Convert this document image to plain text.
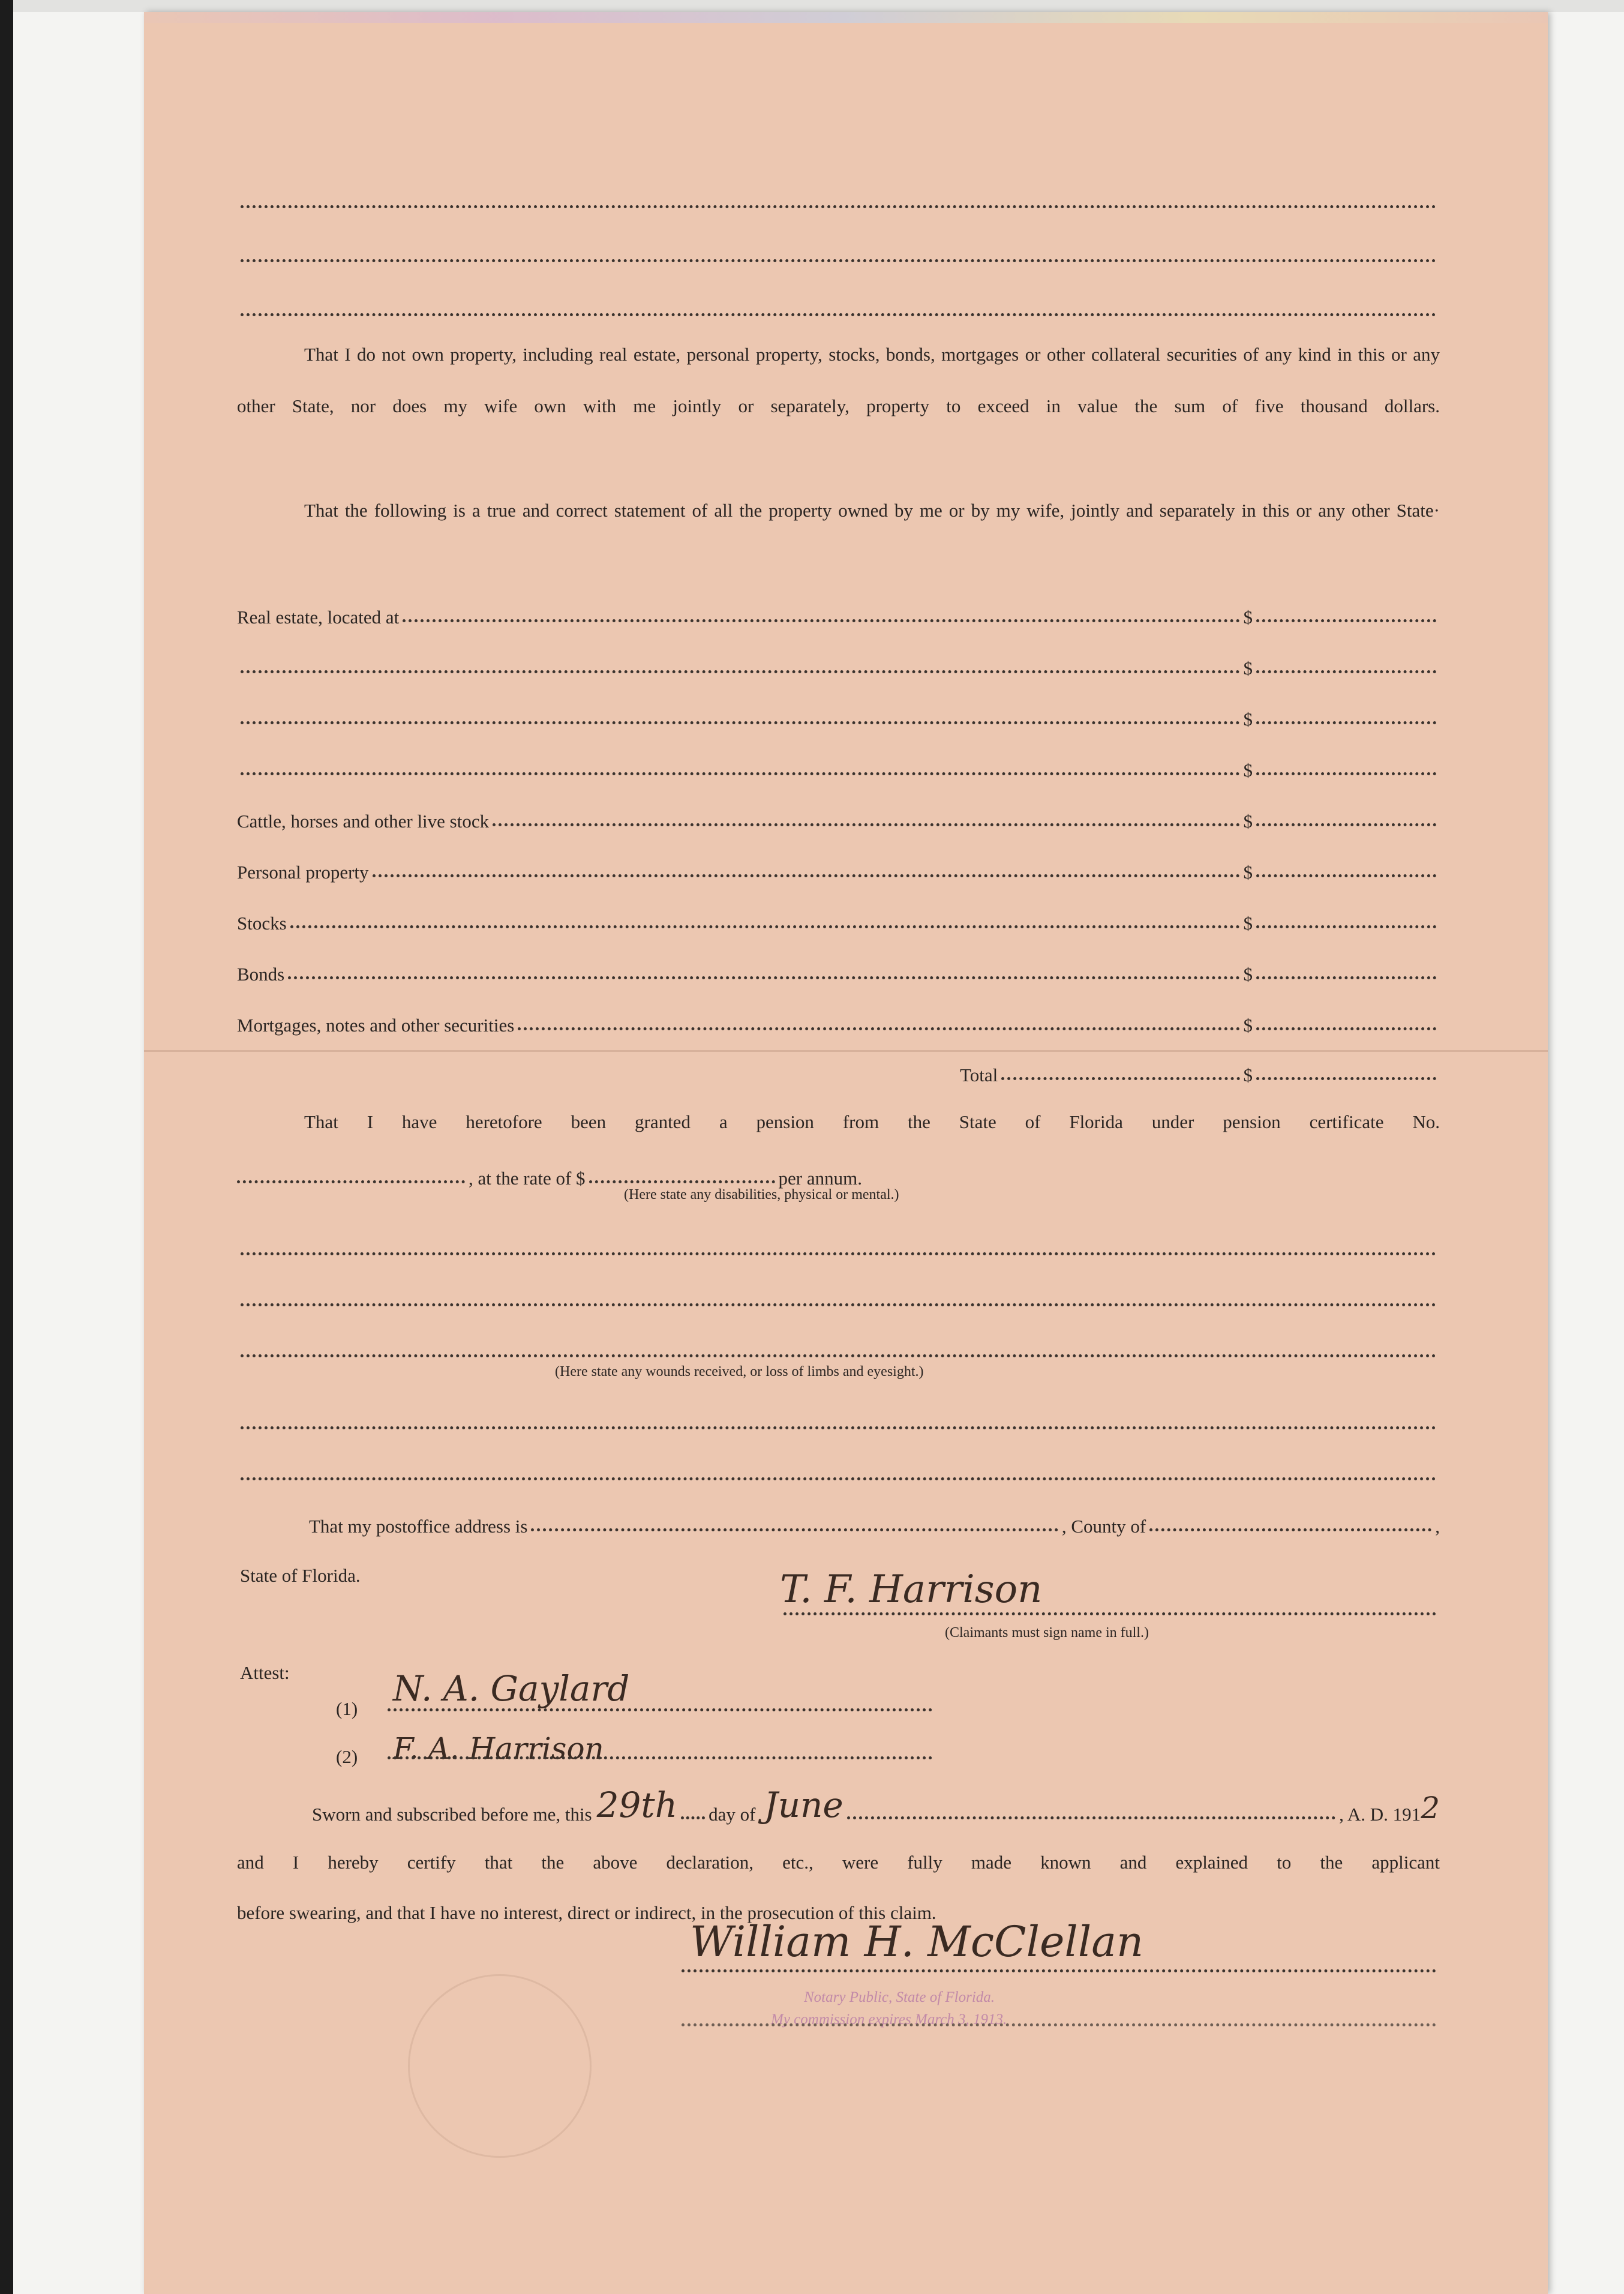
That I do not own property, including real estate, personal property, stocks, bonds, mortgages or other collateral securities of any kind in this or any other State, nor does my wife own with me jointly or separately, property to exceed in value the sum of five thousand dollars.
That the following is a true and correct statement of all the property owned by me or by my wife, jointly and separately in this or any other State·
Real estate, located at	$
$
$
$
Cattle, horses and other live stock	$
Personal property	$
Stocks	$
Bonds	$
Mortgages, notes and other securities	$
Total	$
That I have heretofore been granted a pension from the State of Florida under pension certificate No.
, at the rate of $	per annum.
(Here state any disabilities, physical or mental.)
(Here state any wounds received, or loss of limbs and eyesight.)
That my postoffice address is	, County of	,
State of Florida.	T. F. Harrison
(Claimants must sign name in full.)
Attest:
(1) N. A. Gaylard
(2) F. A. Harrison
Sworn and subscribed before me, this 29th day of June	, A. D. 191 2
and I hereby certify that the above declaration, etc., were fully made known and explained to the applicant
before swearing, and that I have no interest, direct or indirect, in the prosecution of this claim.
William H. McClellan
Notary Public, State of Florida.
My commission expires March 3, 1913.
